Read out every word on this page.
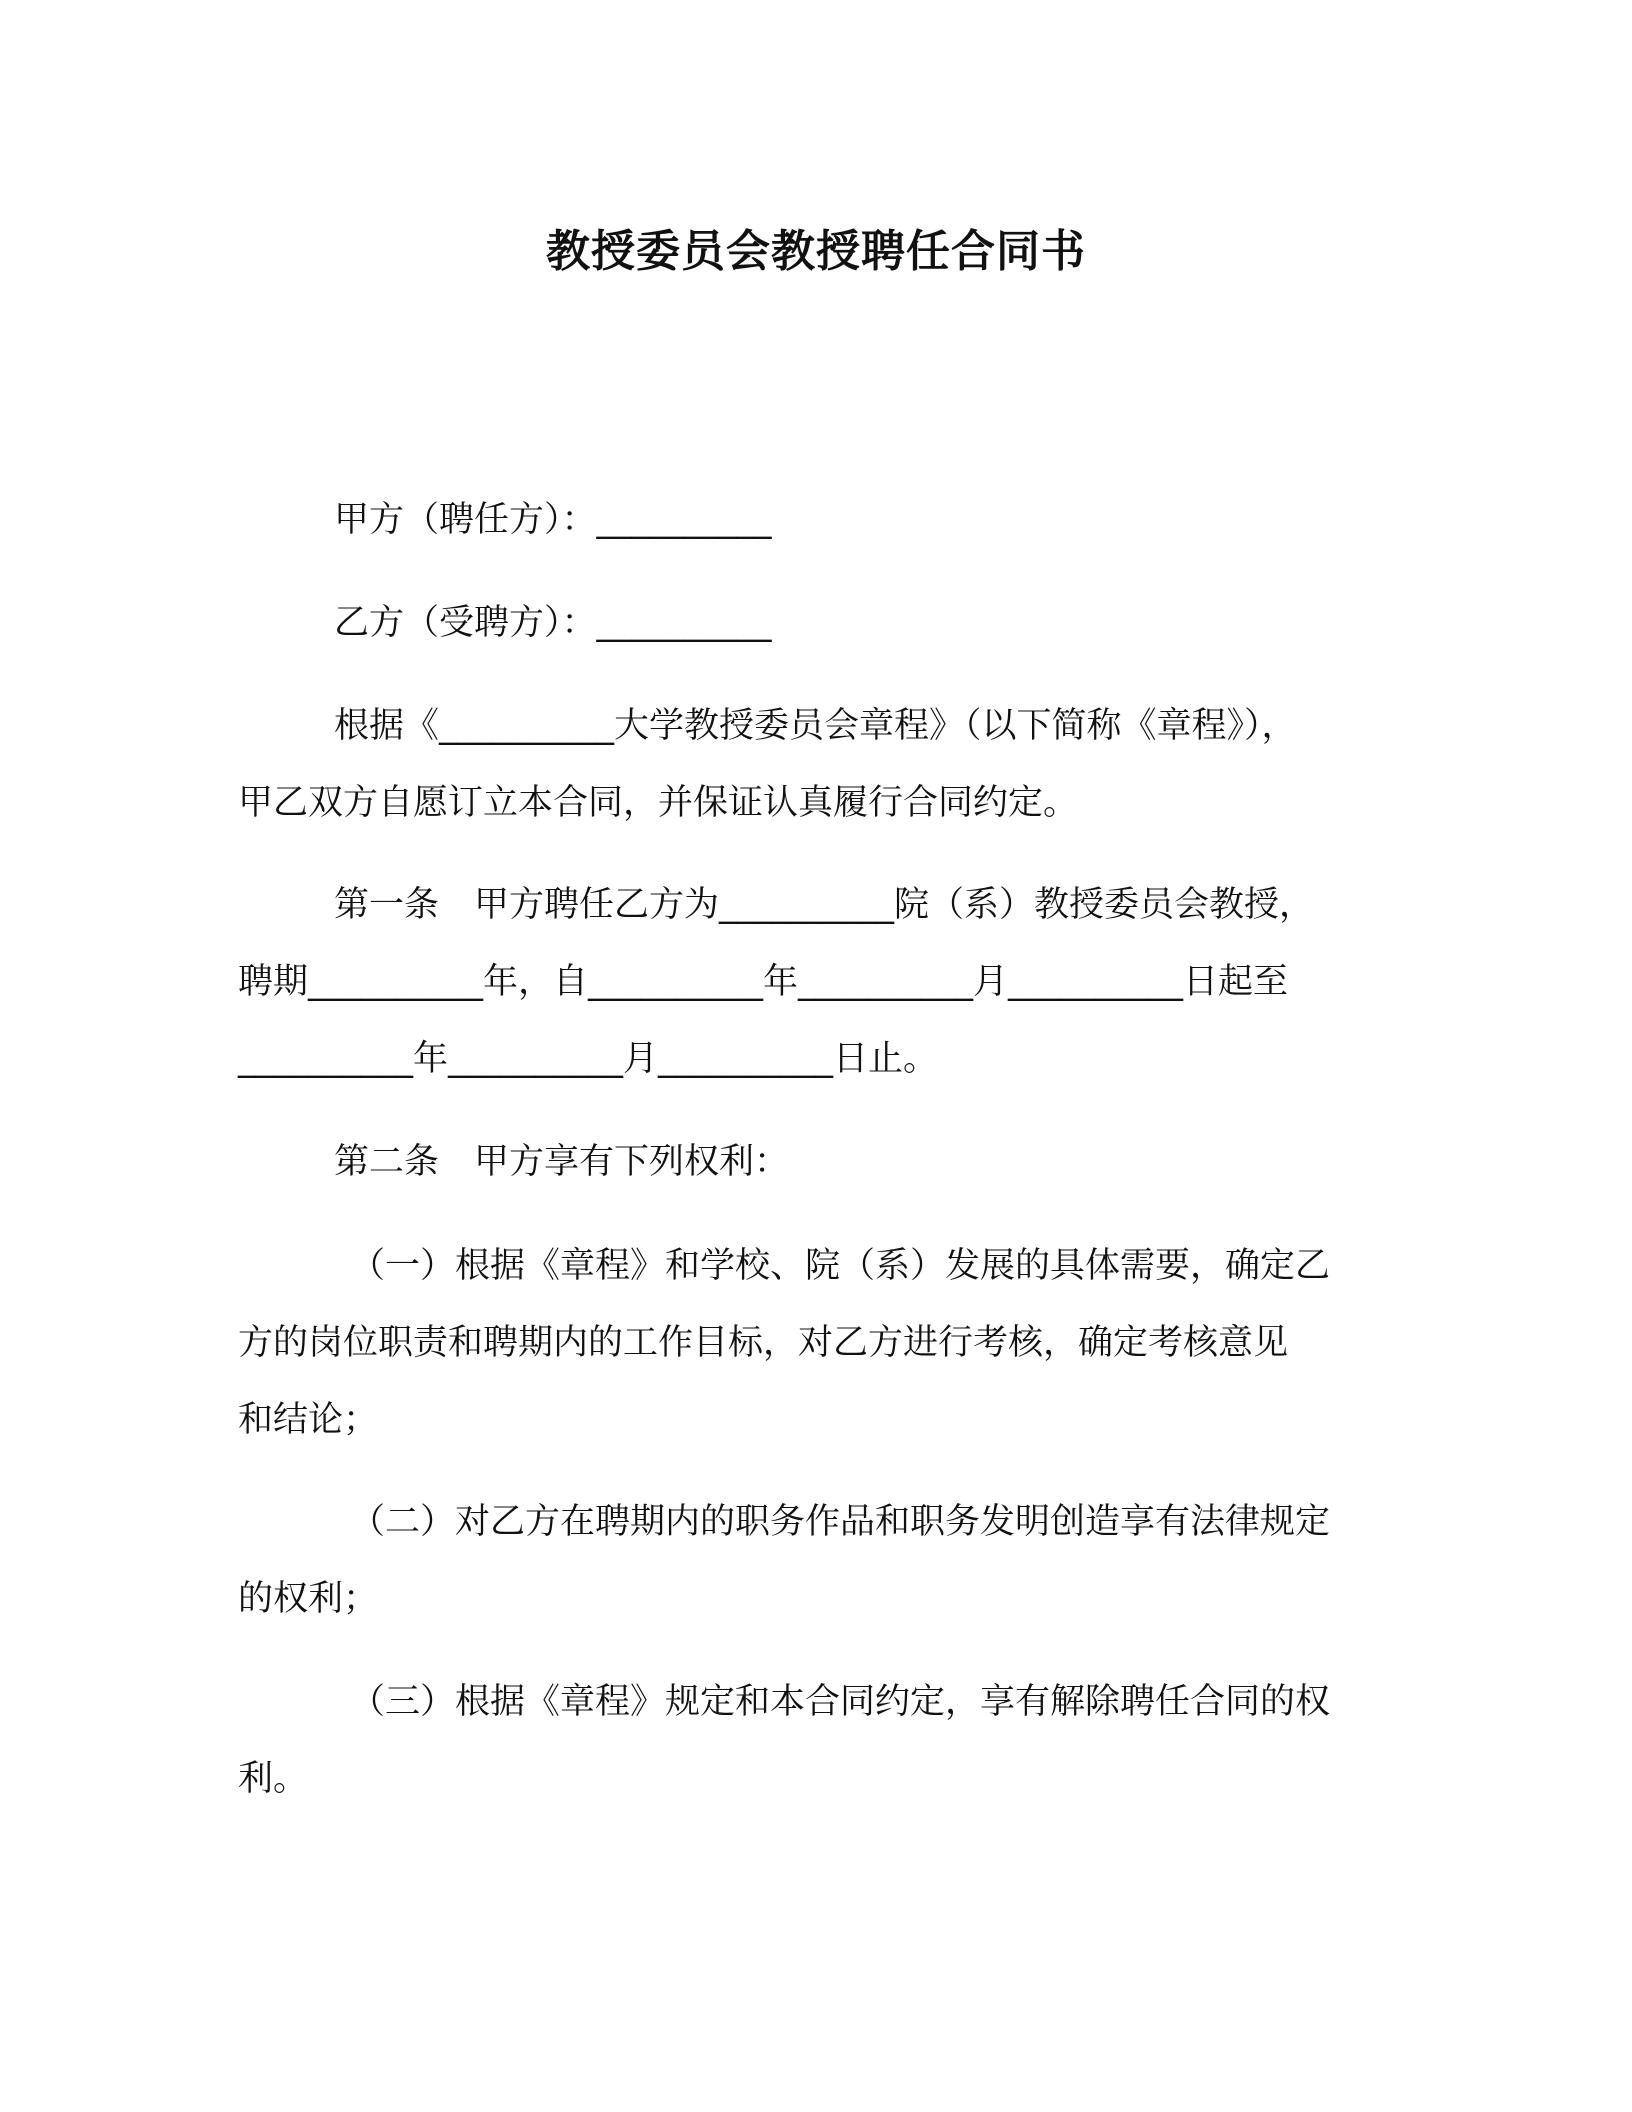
教授委员会教授聘任合同书
甲方（聘任方）：__________
乙方（受聘方）：__________
根据《__________大学教授委员会章程》（以下简称《章程》），
甲乙双方自愿订立本合同，并保证认真履行合同约定。
第一条　甲方聘任乙方为__________院（系）教授委员会教授，
聘期__________年，自__________年__________月__________日起至
__________年__________月__________日止。
第二条　甲方享有下列权利：
（一）根据《章程》和学校、院（系）发展的具体需要，确定乙
方的岗位职责和聘期内的工作目标，对乙方进行考核，确定考核意见
和结论；
（二）对乙方在聘期内的职务作品和职务发明创造享有法律规定
的权利；
（三）根据《章程》规定和本合同约定，享有解除聘任合同的权
利。
